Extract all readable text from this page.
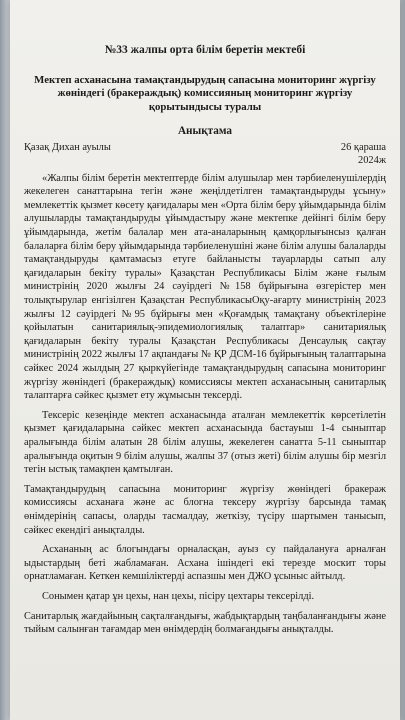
№33 жалпы орта білім беретін мектебі
Мектеп асханасына тамақтандырудың сапасына мониторинг жүргізу жөніндегі (бракераждық) комиссияның мониторинг жүргізу қорытындысы туралы
Анықтама
Қазақ Дихан ауылы	26 қараша 2024ж

«Жалпы білім беретін мектептерде білім алушылар мен тәрбиеленушілердің жекелеген санаттарына тегін және жеңілдетілген тамақтандыруды ұсыну» мемлекеттік қызмет көсету қағидалары мен «Орта білім беру ұйымдарында білім алушыларды тамақтандыруды ұйымдастыру және мектепке дейінгі білім беру ұйымдарында, жетім балалар мен ата-аналарының қамқорлығынсыз қалған балаларға білім беру ұйымдарында тәрбиеленушіні және білім алушы балаларды тамақтандыруды қамтамасыз етуге байланысты тауарларды сатып алу қағидаларын бекіту туралы» Қазақстан Республикасы Білім және ғылым министрінің 2020 жылғы 24 сәуірдегі №158 бұйрығына өзгерістер мен толықтырулар енгізілген Қазақстан РеспубликасыОқу-ағарту министрінің 2023 жылғы 12 сәуірдегі №95 бұйрығы мен «Қоғамдық тамақтану объектілеріне қойылатын санитариялық-эпидемиологиялық талаптар» санитариялық қағидаларын бекіту туралы Қазақстан Республикасы Денсаулық сақтау министрінің 2022 жылғы 17 ақпандағы № ҚР ДСМ-16 бұйрығының талаптарына сәйкес 2024 жылдың 27 қыркүйегінде тамақтандырудың сапасына мониторинг жүргізу жөніндегі (бракераждық) комиссиясы мектеп асханасының санитарлық талаптарға сәйкес қызмет ету жұмысын тексерді.

Тексеріс кезеңінде мектеп асханасында аталған мемлекеттік көрсетілетін қызмет қағидаларына сәйкес мектеп асханасында бастауыш 1-4 сыныптар аралығында білім алатын 28 білім алушы, жекелеген санатта 5-11 сыныптар аралығында оқитын 9 білім алушы, жалпы 37 (отыз жеті) білім алушы бір мезгіл тегін ыстық тамақпен қамтылған.

Тамақтандырудың сапасына мониторинг жүргізу жөніндегі бракераж комиссиясы асханаға және ас блогна тексеру жүргізу барсында тамақ өнімдерінің сапасы, оларды тасмалдау, жеткізу, түсіру шартымен танысып, сәйкес екендігі анықталды.

Асхананың ас блогындағы орналасқан, ауыз су пайдалануға арналған ыдыстардың беті жабламаған. Асхана ішіндегі екі терезде москит торы орнатламаған. Кеткен кемшіліктерді аспазшы мен ДЖО ұсыныс айтылд.

Сонымен қатар ұн цехы, нан цехы, пісіру цехтары тексерілді.

Санитарлық жағдайының сақталғандығы, жабдықтардың таңбаланғандығы және тыйым салынған тағамдар мен өнімдердің болмағандығы анықталды.
